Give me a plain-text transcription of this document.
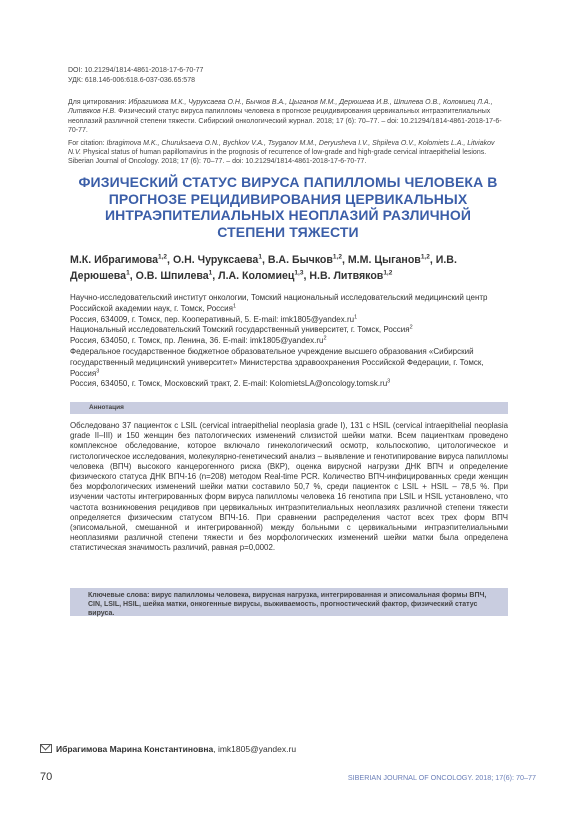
DOI: 10.21294/1814-4861-2018-17-6-70-77
УДК: 618.146-006:618.6-037-036.65:578

Для цитирования: Ибрагимова М.К., Чуруксаева О.Н., Бычков В.А., Цыганов М.М., Дерюшева И.В., Шпилева О.В., Коломиец Л.А., Литвяков Н.В. Физический статус вируса папилломы человека в прогнозе рецидивирования цервикальных интраэпителиальных неоплазий различной степени тяжести. Сибирский онкологический журнал. 2018; 17 (6): 70–77. – doi: 10.21294/1814-4861-2018-17-6-70-77.

For citation: Ibragimova M.K., Churuksaeva O.N., Bychkov V.A., Tsyganov M.M., Deryusheva I.V., Shpileva O.V., Kolomiets L.A., Litviakov N.V. Physical status of human papillomavirus in the prognosis of recurrence of low-grade and high-grade cervical intraepithelial lesions. Siberian Journal of Oncology. 2018; 17 (6): 70–77. – doi: 10.21294/1814-4861-2018-17-6-70-77.

ФИЗИЧЕСКИЙ СТАТУС ВИРУСА ПАПИЛЛОМЫ ЧЕЛОВЕКА В ПРОГНОЗЕ РЕЦИДИВИРОВАНИЯ ЦЕРВИКАЛЬНЫХ ИНТРАЭПИТЕЛИАЛЬНЫХ НЕОПЛАЗИЙ РАЗЛИЧНОЙ СТЕПЕНИ ТЯЖЕСТИ
М.К. Ибрагимова$^{1,2}$, О.Н. Чуруксаева$^1$, В.А. Бычков$^{1,2}$, М.М. Цыганов$^{1,2}$, И.В. Дерюшева$^1$, О.В. Шпилева$^1$, Л.А. Коломиец$^{1,3}$, Н.В. Литвяков$^{1,2}$

Научно-исследовательский институт онкологии, Томский национальный исследовательский медицинский центр Российской академии наук, г. Томск, Россия$^1$

Россия, 634009, г. Томск, пер. Кооперативный, 5. E-mail: $imk1805@yandex.ru^1$

Национальный исследовательский Томский государственный университет, г. Томск, Россия$^2$

Россия, 634050, г. Томск, пр. Ленина, 36. E-mail: $imk1805@yandex.ru^2$

Федеральное государственное бюджетное образовательное учреждение высшего образования «Сибирский государственный медицинский университет» Министерства здравоохранения Российской Федерации, г. Томск, Россия$^3$

Россия, 634050, г. Томск, Московский тракт, 2. E-mail: $KolomietsLA@oncology.tomsk.ru^3$

Аннотация
Обследовано 37 пациенток с LSIL (cervical intraepithelial neoplasia grade I), 131 с HSIL (cervical intraepithelial neoplasia grade II–III) и 150 женщин без патологических изменений слизистой шейки матки. Всем пациенткам проведено комплексное обследование, которое включало гинекологический осмотр, кольпоскопию, цитологическое и гистологическое исследования, молекулярно-генетический анализ – выявление и генотипирование вируса папилломы человека (ВПЧ) высокого канцерогенного риска (ВКР), оценка вирусной нагрузки ДНК ВПЧ и определение физического статуса ДНК ВПЧ-16 (n=208) методом Real-time PCR. Количество ВПЧ-инфицированных среди женщин без морфологических изменений шейки матки составило 50,7 %, среди пациенток с LSIL + HSIL – 78,5 %. При изучении частоты интегрированных форм вируса папилломы человека 16 генотипа при LSIL и HSIL установлено, что частота возникновения рецидивов при цервикальных интраэпителиальных неоплазиях различной степени тяжести определяется физическим статусом ВПЧ-16. При сравнении распределения частот всех трех форм ВПЧ (эписомальной, смешанной и интегрированной) между больными с цервикальными интраэпителиальными неоплазиями различной степени тяжести и без морфологических изменений шейки матки была определена статистическая значимость различий, равная p=0,0002.
Ключевые слова: вирус папилломы человека, вирусная нагрузка, интегрированная и эписомальная формы ВПЧ, CIN, LSIL, HSIL, шейка матки, онкогенные вирусы, выживаемость, прогностический фактор, физический статус вируса.
Ибрагимова Марина Константиновна, imk1805@yandex.ru
70	SIBERIAN JOURNAL OF ONCOLOGY. 2018; 17(6): 70–77
